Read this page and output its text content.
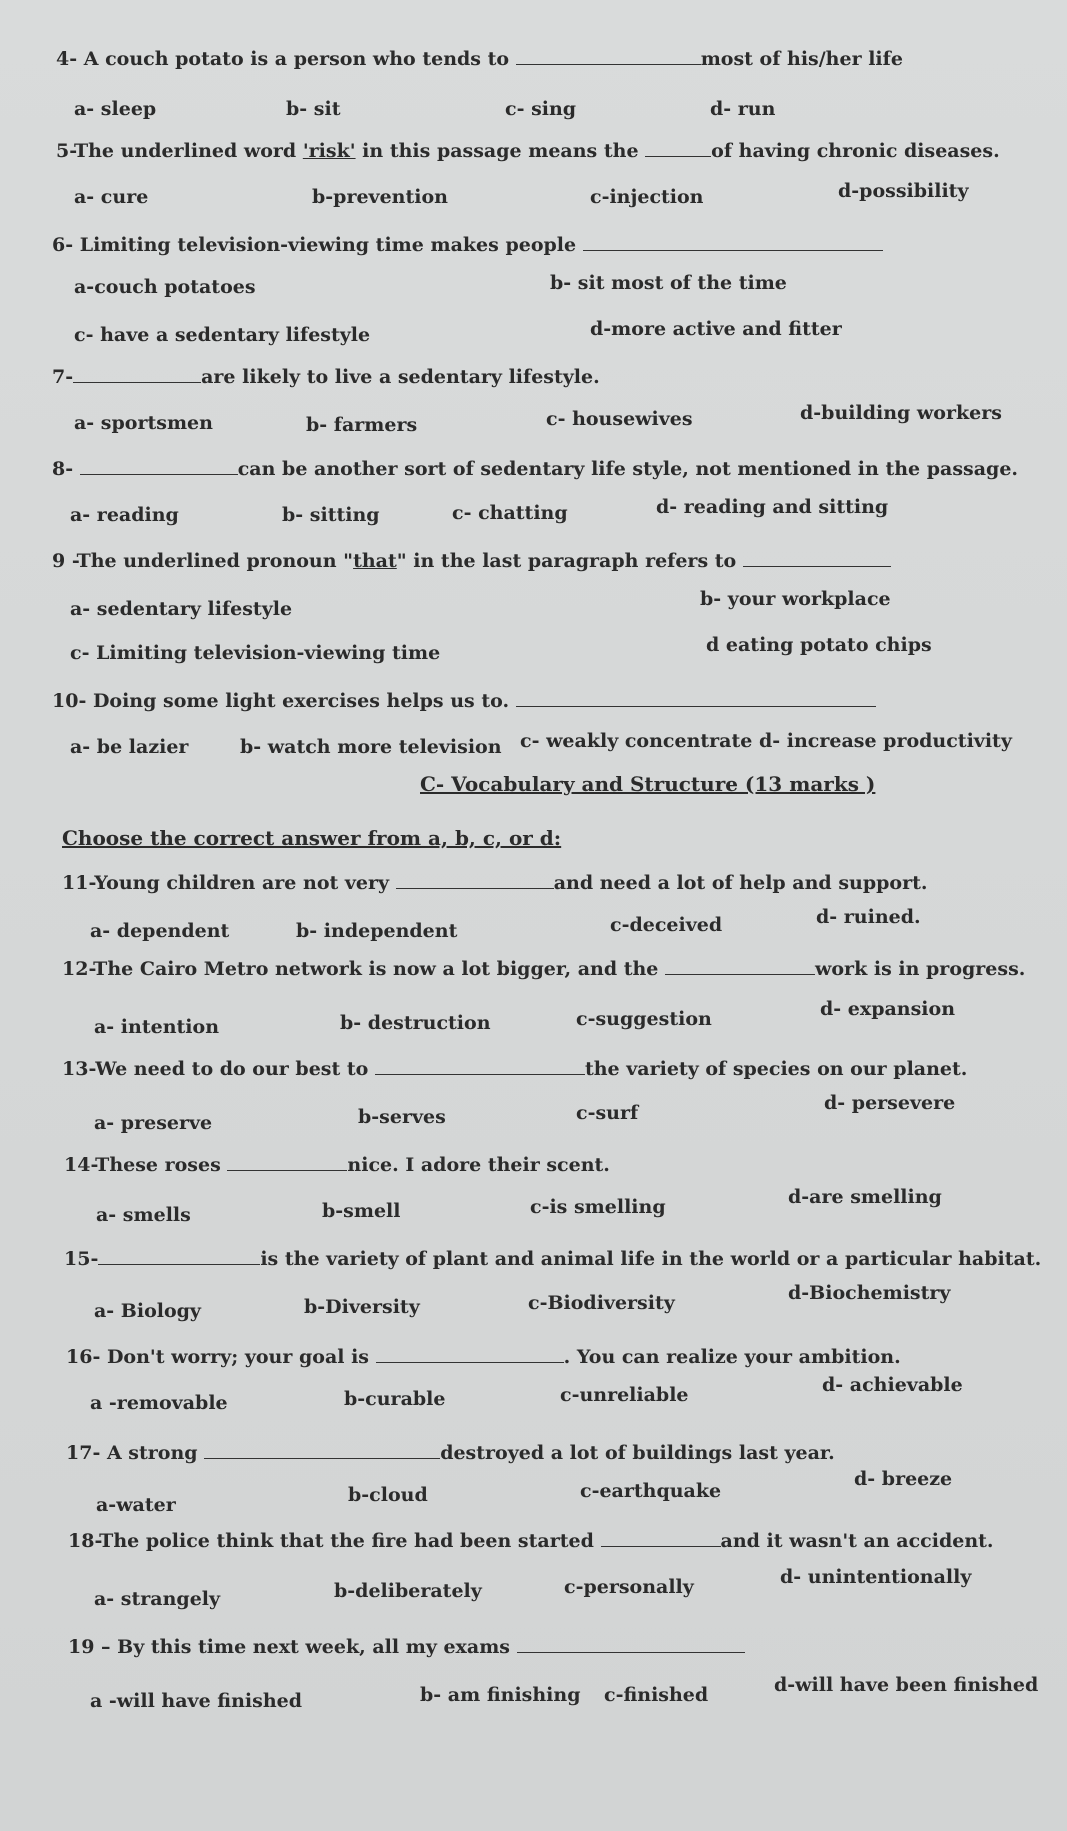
4- A couch potato is a person who tends to	most of his/her life
a- sleep	b- sit	c- sing	d- run
5-The underlined word 'risk' in this passage means the	of having chronic diseases.
a- cure	b-prevention	c-injection	d-possibility
6- Limiting television-viewing time makes people
a-couch potatoes	b- sit most of the time
c- have a sedentary lifestyle	d-more active and fitter
7-	are likely to live a sedentary lifestyle.
a- sportsmen	b- farmers	c- housewives	d-building workers
8-	can be another sort of sedentary life style, not mentioned in the passage.
a- reading	b- sitting	c- chatting	d- reading and sitting
9 -The underlined pronoun "that" in the last paragraph refers to
a- sedentary lifestyle	b- your workplace
c- Limiting television-viewing time	d eating potato chips
10- Doing some light exercises helps us to.
a- be lazier	b- watch more television c- weakly concentrate d- increase productivity
C- Vocabulary and Structure (13 marks )
Choose the correct answer from a, b, c, or d:
11-Young children are not very	and need a lot of help and support.
a- dependent	b- independent	c-deceived	d- ruined.
12-The Cairo Metro network is now a lot bigger, and the	work is in progress.
a- intention	b- destruction	c-suggestion	d- expansion
13-We need to do our best to	the variety of species on our planet.
a- preserve	b-serves	c-surf	d- persevere
14-These roses	nice. I adore their scent.
a- smells	b-smell	c-is smelling	d-are smelling
15-	is the variety of plant and animal life in the world or a particular habitat.
a- Biology	b-Diversity	c-Biodiversity	d-Biochemistry
16- Don't worry; your goal is	. You can realize your ambition.
a -removable	b-curable	c-unreliable	d- achievable
17- A strong	destroyed a lot of buildings last year.
a-water	b-cloud	c-earthquake
d- breeze
18-The police think that the fire had been started	and it wasn't an accident.
a- strangely	b-deliberately	c-personally	d- unintentionally
19 – By this time next week, all my exams
a -will have finished	b- am finishing c-finished	d-will have been finished
